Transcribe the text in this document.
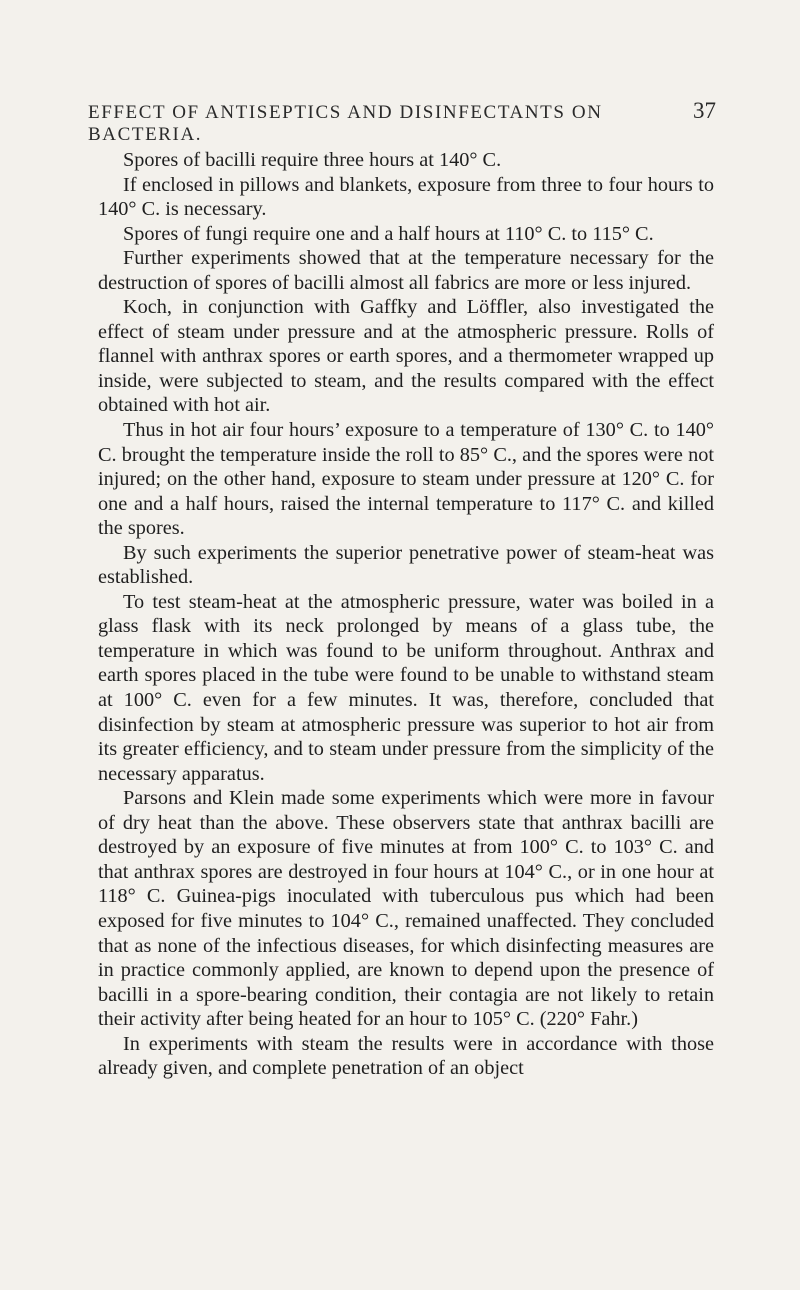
EFFECT OF ANTISEPTICS AND DISINFECTANTS ON BACTERIA.
37

Spores of bacilli require three hours at 140° C.

If enclosed in pillows and blankets, exposure from three to four hours to 140° C. is necessary.

Spores of fungi require one and a half hours at 110° C. to 115° C.

Further experiments showed that at the temperature necessary for the destruction of spores of bacilli almost all fabrics are more or less injured.

Koch, in conjunction with Gaffky and Löffler, also investigated the effect of steam under pressure and at the atmospheric pressure. Rolls of flannel with anthrax spores or earth spores, and a thermometer wrapped up inside, were subjected to steam, and the results compared with the effect obtained with hot air.

Thus in hot air four hours’ exposure to a temperature of 130° C. to 140° C. brought the temperature inside the roll to 85° C., and the spores were not injured; on the other hand, exposure to steam under pressure at 120° C. for one and a half hours, raised the internal temperature to 117° C. and killed the spores.

By such experiments the superior penetrative power of steam-heat was established.

To test steam-heat at the atmospheric pressure, water was boiled in a glass flask with its neck prolonged by means of a glass tube, the temperature in which was found to be uniform throughout. Anthrax and earth spores placed in the tube were found to be unable to withstand steam at 100° C. even for a few minutes. It was, therefore, concluded that disinfection by steam at atmospheric pressure was superior to hot air from its greater efficiency, and to steam under pressure from the simplicity of the necessary apparatus.

Parsons and Klein made some experiments which were more in favour of dry heat than the above. These observers state that anthrax bacilli are destroyed by an exposure of five minutes at from 100° C. to 103° C. and that anthrax spores are destroyed in four hours at 104° C., or in one hour at 118° C. Guinea-pigs inoculated with tuberculous pus which had been exposed for five minutes to 104° C., remained unaffected. They concluded that as none of the infectious diseases, for which disinfecting measures are in practice commonly applied, are known to depend upon the presence of bacilli in a spore-bearing condition, their contagia are not likely to retain their activity after being heated for an hour to 105° C. (220° Fahr.)

In experiments with steam the results were in accordance with those already given, and complete penetration of an object
